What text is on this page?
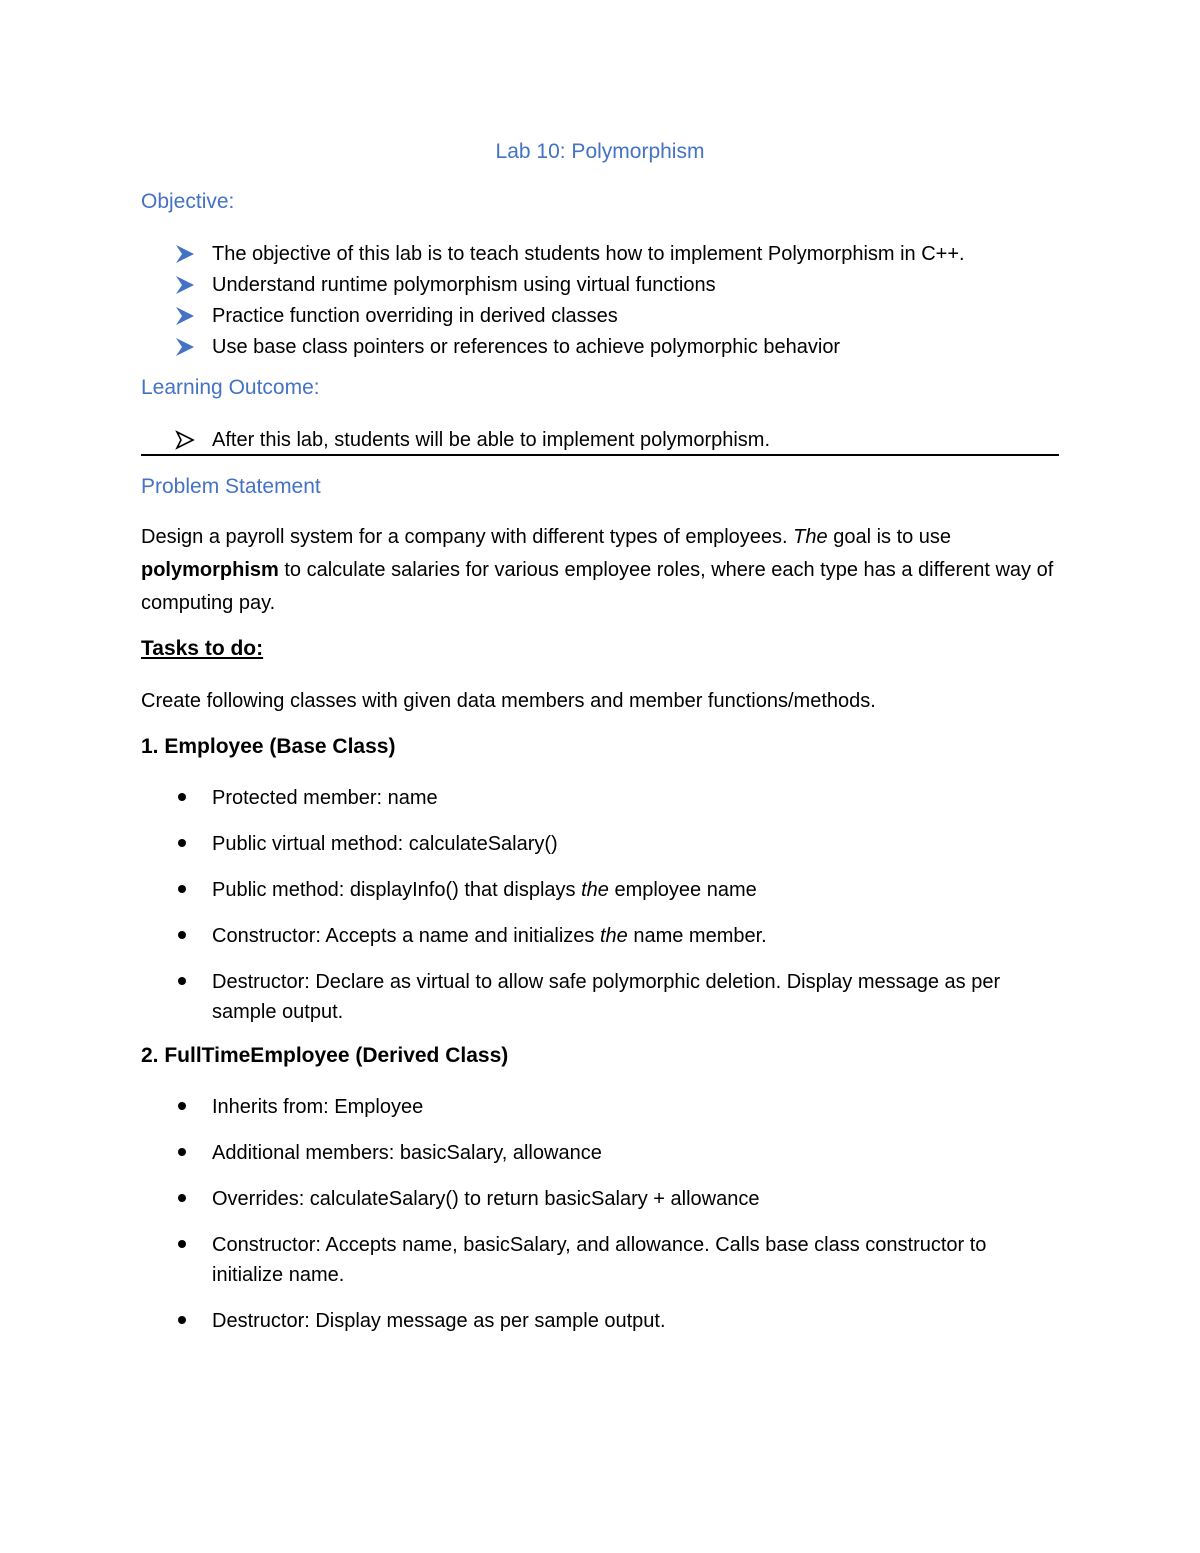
Lab 10: Polymorphism
Objective:
The objective of this lab is to teach students how to implement Polymorphism in C++.
Understand runtime polymorphism using virtual functions
Practice function overriding in derived classes
Use base class pointers or references to achieve polymorphic behavior
Learning Outcome:
After this lab, students will be able to implement polymorphism.
Problem Statement
Design a payroll system for a company with different types of employees. The goal is to use polymorphism to calculate salaries for various employee roles, where each type has a different way of computing pay.
Tasks to do:
Create following classes with given data members and member functions/methods.
1. Employee (Base Class)
Protected member: name
Public virtual method: calculateSalary()
Public method: displayInfo() that displays the employee name
Constructor: Accepts a name and initializes the name member.
Destructor: Declare as virtual to allow safe polymorphic deletion. Display message as per sample output.
2. FullTimeEmployee (Derived Class)
Inherits from: Employee
Additional members: basicSalary, allowance
Overrides: calculateSalary() to return basicSalary + allowance
Constructor: Accepts name, basicSalary, and allowance. Calls base class constructor to initialize name.
Destructor: Display message as per sample output.
